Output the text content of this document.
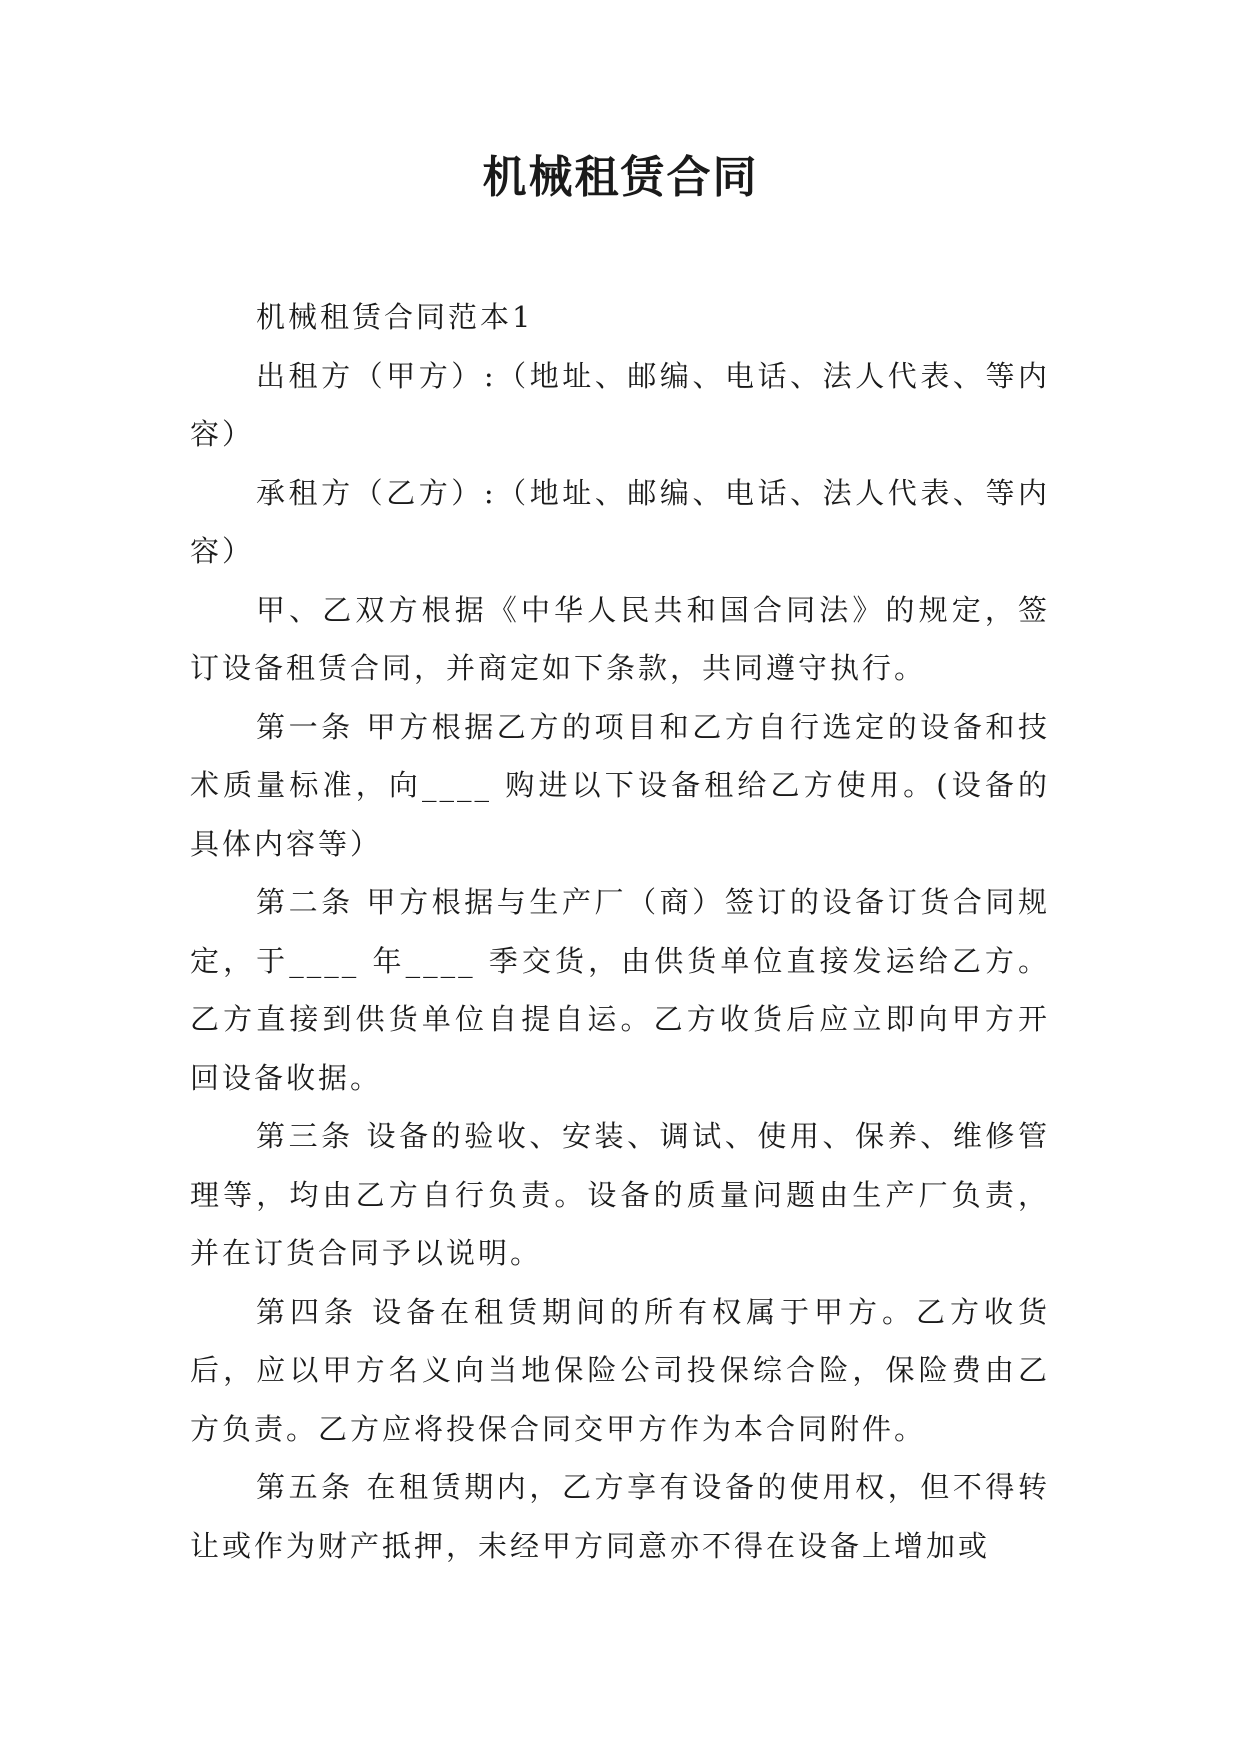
机械租赁合同

机械租赁合同范本1

出租方（甲方）:（地址、邮编、电话、法人代表、等内容）

承租方（乙方）:（地址、邮编、电话、法人代表、等内容）

甲、乙双方根据《中华人民共和国合同法》的规定，签订设备租赁合同，并商定如下条款，共同遵守执行。

第一条 甲方根据乙方的项目和乙方自行选定的设备和技术质量标准，向____ 购进以下设备租给乙方使用。(设备的具体内容等）

第二条 甲方根据与生产厂（商）签订的设备订货合同规定，于____ 年____ 季交货，由供货单位直接发运给乙方。乙方直接到供货单位自提自运。乙方收货后应立即向甲方开回设备收据。

第三条 设备的验收、安装、调试、使用、保养、维修管理等，均由乙方自行负责。设备的质量问题由生产厂负责，并在订货合同予以说明。

第四条 设备在租赁期间的所有权属于甲方。乙方收货后，应以甲方名义向当地保险公司投保综合险，保险费由乙方负责。乙方应将投保合同交甲方作为本合同附件。

第五条 在租赁期内，乙方享有设备的使用权，但不得转让或作为财产抵押，未经甲方同意亦不得在设备上增加或
